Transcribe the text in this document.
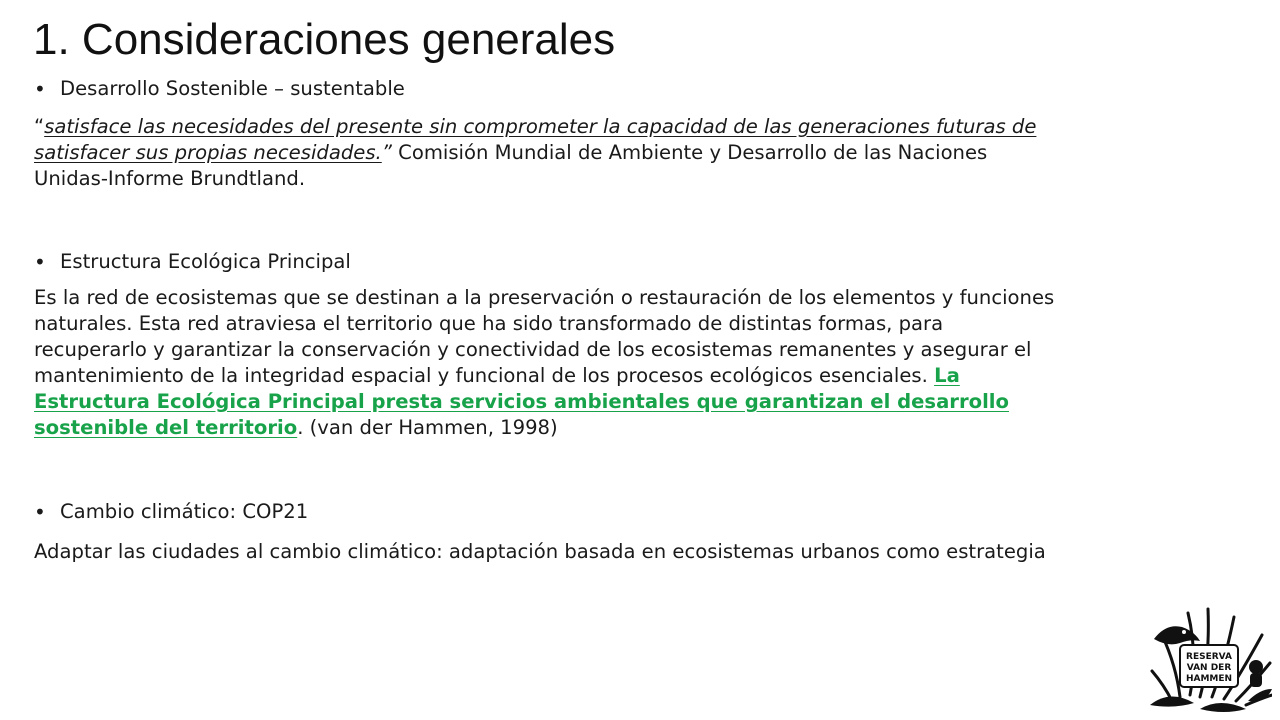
1. Consideraciones generales
• Desarrollo Sostenible – sustentable
“satisface las necesidades del presente sin comprometer la capacidad de las generaciones futuras de
satisfacer sus propias necesidades.” Comisión Mundial de Ambiente y Desarrollo de las Naciones
Unidas-Informe Brundtland.
• Estructura Ecológica Principal
Es la red de ecosistemas que se destinan a la preservación o restauración de los elementos y funciones
naturales. Esta red atraviesa el territorio que ha sido transformado de distintas formas, para
recuperarlo y garantizar la conservación y conectividad de los ecosistemas remanentes y asegurar el
mantenimiento de la integridad espacial y funcional de los procesos ecológicos esenciales. La
Estructura Ecológica Principal presta servicios ambientales que garantizan el desarrollo
sostenible del territorio. (van der Hammen, 1998)
• Cambio climático: COP21
Adaptar las ciudades al cambio climático: adaptación basada en ecosistemas urbanos como estrategia
RESERVA
VAN DER
HAMMEN
